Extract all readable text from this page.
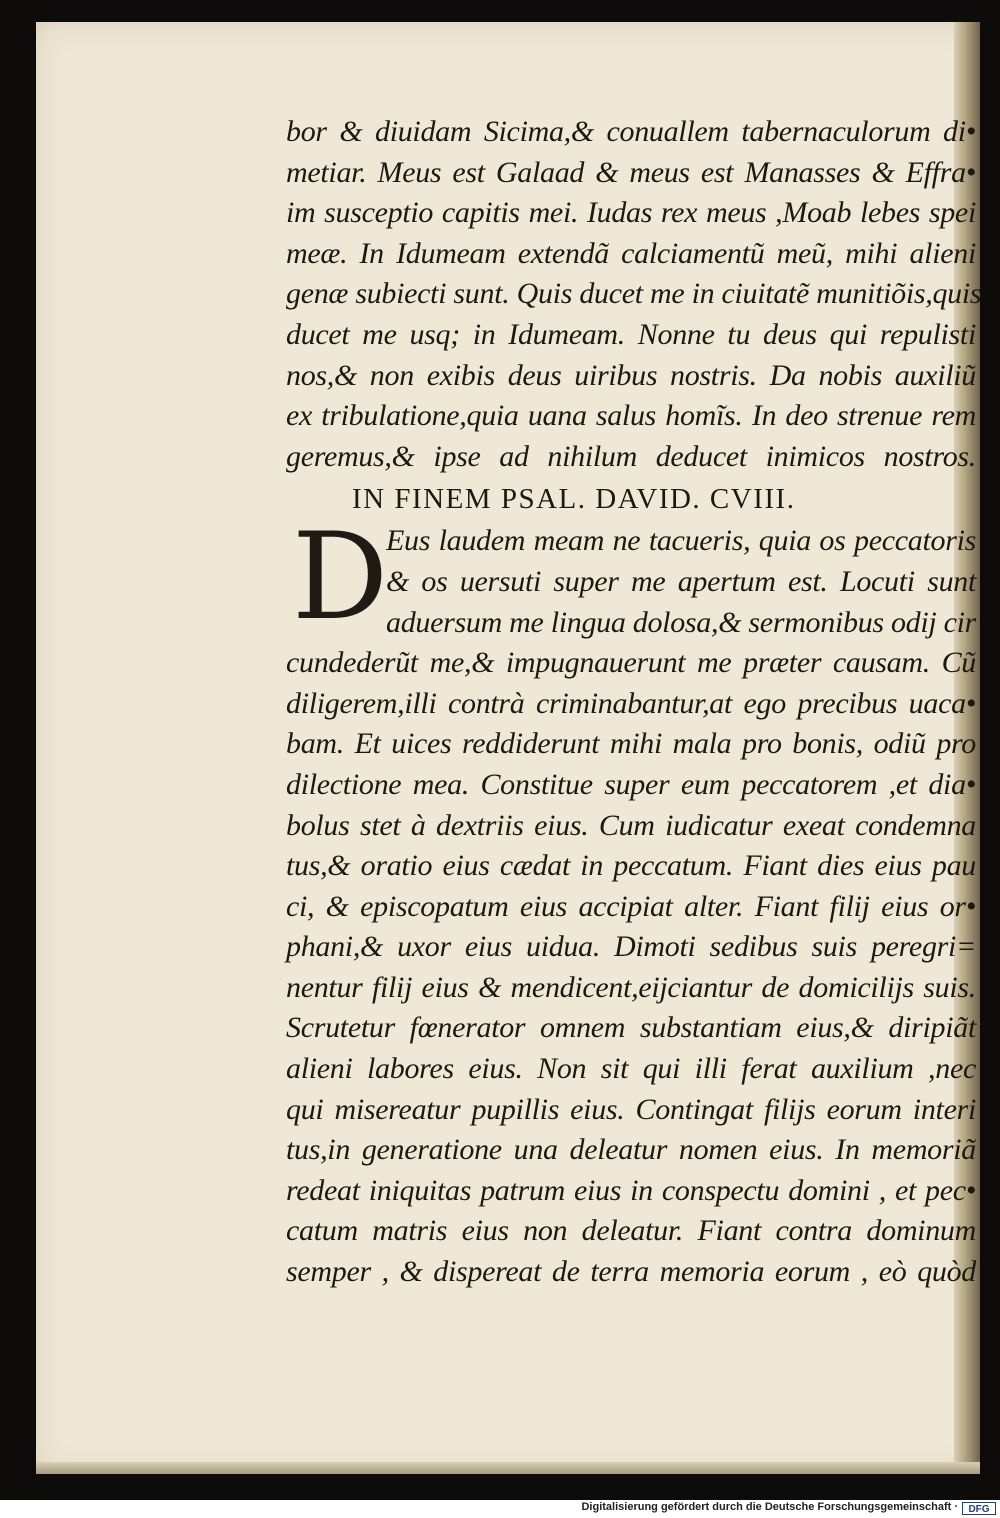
bor & diuidam Sicima,& conuallem tabernaculorum di•
metiar. Meus est Galaad & meus est Manasses & Effra•
im susceptio capitis mei. Iudas rex meus ,Moab lebes spei
meæ. In Idumeam extendã calciamentũ meũ, mihi alieni
genæ subiecti sunt. Quis ducet me in ciuitatẽ munitiõis,quis
ducet me usq; in Idumeam. Nonne tu deus qui repulisti
nos,& non exibis deus uiribus nostris. Da nobis auxiliũ
ex tribulatione,quia uana salus homĩs. In deo strenue rem
geremus,& ipse ad nihilum deducet inimicos nostros.
IN FINEM PSAL. DAVID. CVIII.
D
Eus laudem meam ne tacueris, quia os peccatoris
& os uersuti super me apertum est. Locuti sunt
aduersum me lingua dolosa,& sermonibus odij cir
cundederũt me,& impugnauerunt me præter causam. Cũ
diligerem,illi contrà criminabantur,at ego precibus uaca•
bam. Et uices reddiderunt mihi mala pro bonis, odiũ pro
dilectione mea. Constitue super eum peccatorem ,et dia•
bolus stet à dextriis eius. Cum iudicatur exeat condemna
tus,& oratio eius cædat in peccatum. Fiant dies eius pau
ci, & episcopatum eius accipiat alter. Fiant filij eius or•
phani,& uxor eius uidua. Dimoti sedibus suis peregri=
nentur filij eius & mendicent,eijciantur de domicilijs suis.
Scrutetur fœnerator omnem substantiam eius,& diripiãt
alieni labores eius. Non sit qui illi ferat auxilium ,nec
qui misereatur pupillis eius. Contingat filijs eorum interi
tus,in generatione una deleatur nomen eius. In memoriã
redeat iniquitas patrum eius in conspectu domini , et pec•
catum matris eius non deleatur. Fiant contra dominum
semper , & dispereat de terra memoria eorum , eò quòd
Digitalisierung gefördert durch die Deutsche Forschungsgemeinschaft ·	DFG
